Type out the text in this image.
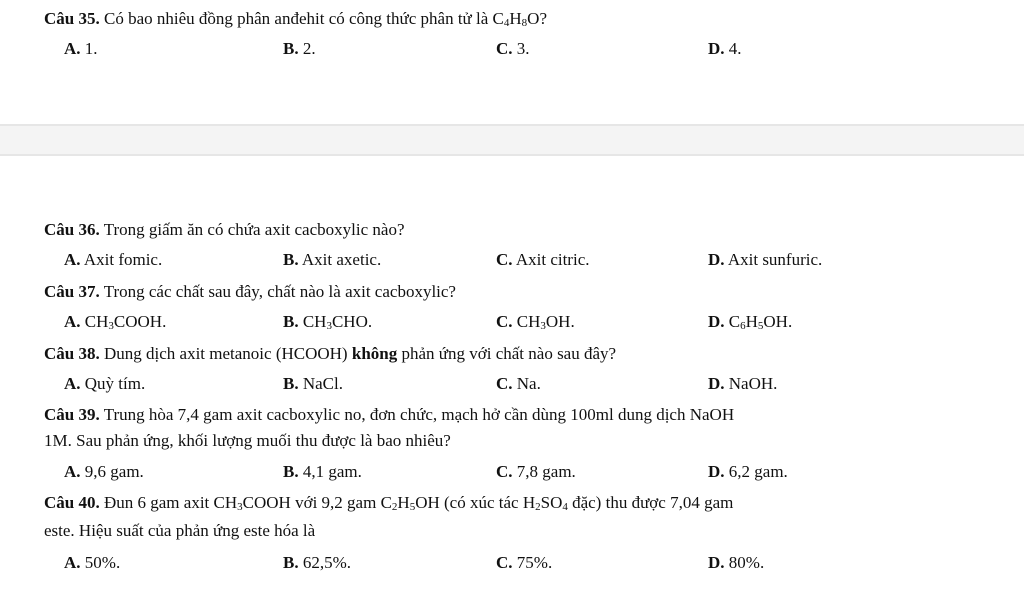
Câu 35. Có bao nhiêu đồng phân anđehit có công thức phân tử là $C_4H_8O$?
A. 1.	B. 2.	C. 3.	D. 4.
Câu 36. Trong giấm ăn có chứa axit cacboxylic nào?
A. Axit fomic.	B. Axit axetic.	C. Axit citric.	D. Axit sunfuric.
Câu 37. Trong các chất sau đây, chất nào là axit cacboxylic?
A. $CH_3COOH$.	B. $CH_3CHO$.	C. $CH_3OH$.	D. $C_6H_5OH$.
Câu 38. Dung dịch axit metanoic (HCOOH) không phản ứng với chất nào sau đây?
A. Quỳ tím.	B. NaCl.	C. Na.	D. NaOH.
Câu 39. Trung hòa 7,4 gam axit cacboxylic no, đơn chức, mạch hở cần dùng 100ml dung dịch NaOH
1M. Sau phản ứng, khối lượng muối thu được là bao nhiêu?
A. 9,6 gam.	B. 4,1 gam.	C. 7,8 gam.	D. 6,2 gam.
Câu 40. Đun 6 gam axit $CH_3COOH$ với 9,2 gam $C_2H_5OH$ (có xúc tác $H_2SO_4$ đặc) thu được 7,04 gam
este. Hiệu suất của phản ứng este hóa là
A. 50%.	B. 62,5%.	C. 75%.	D. 80%.
